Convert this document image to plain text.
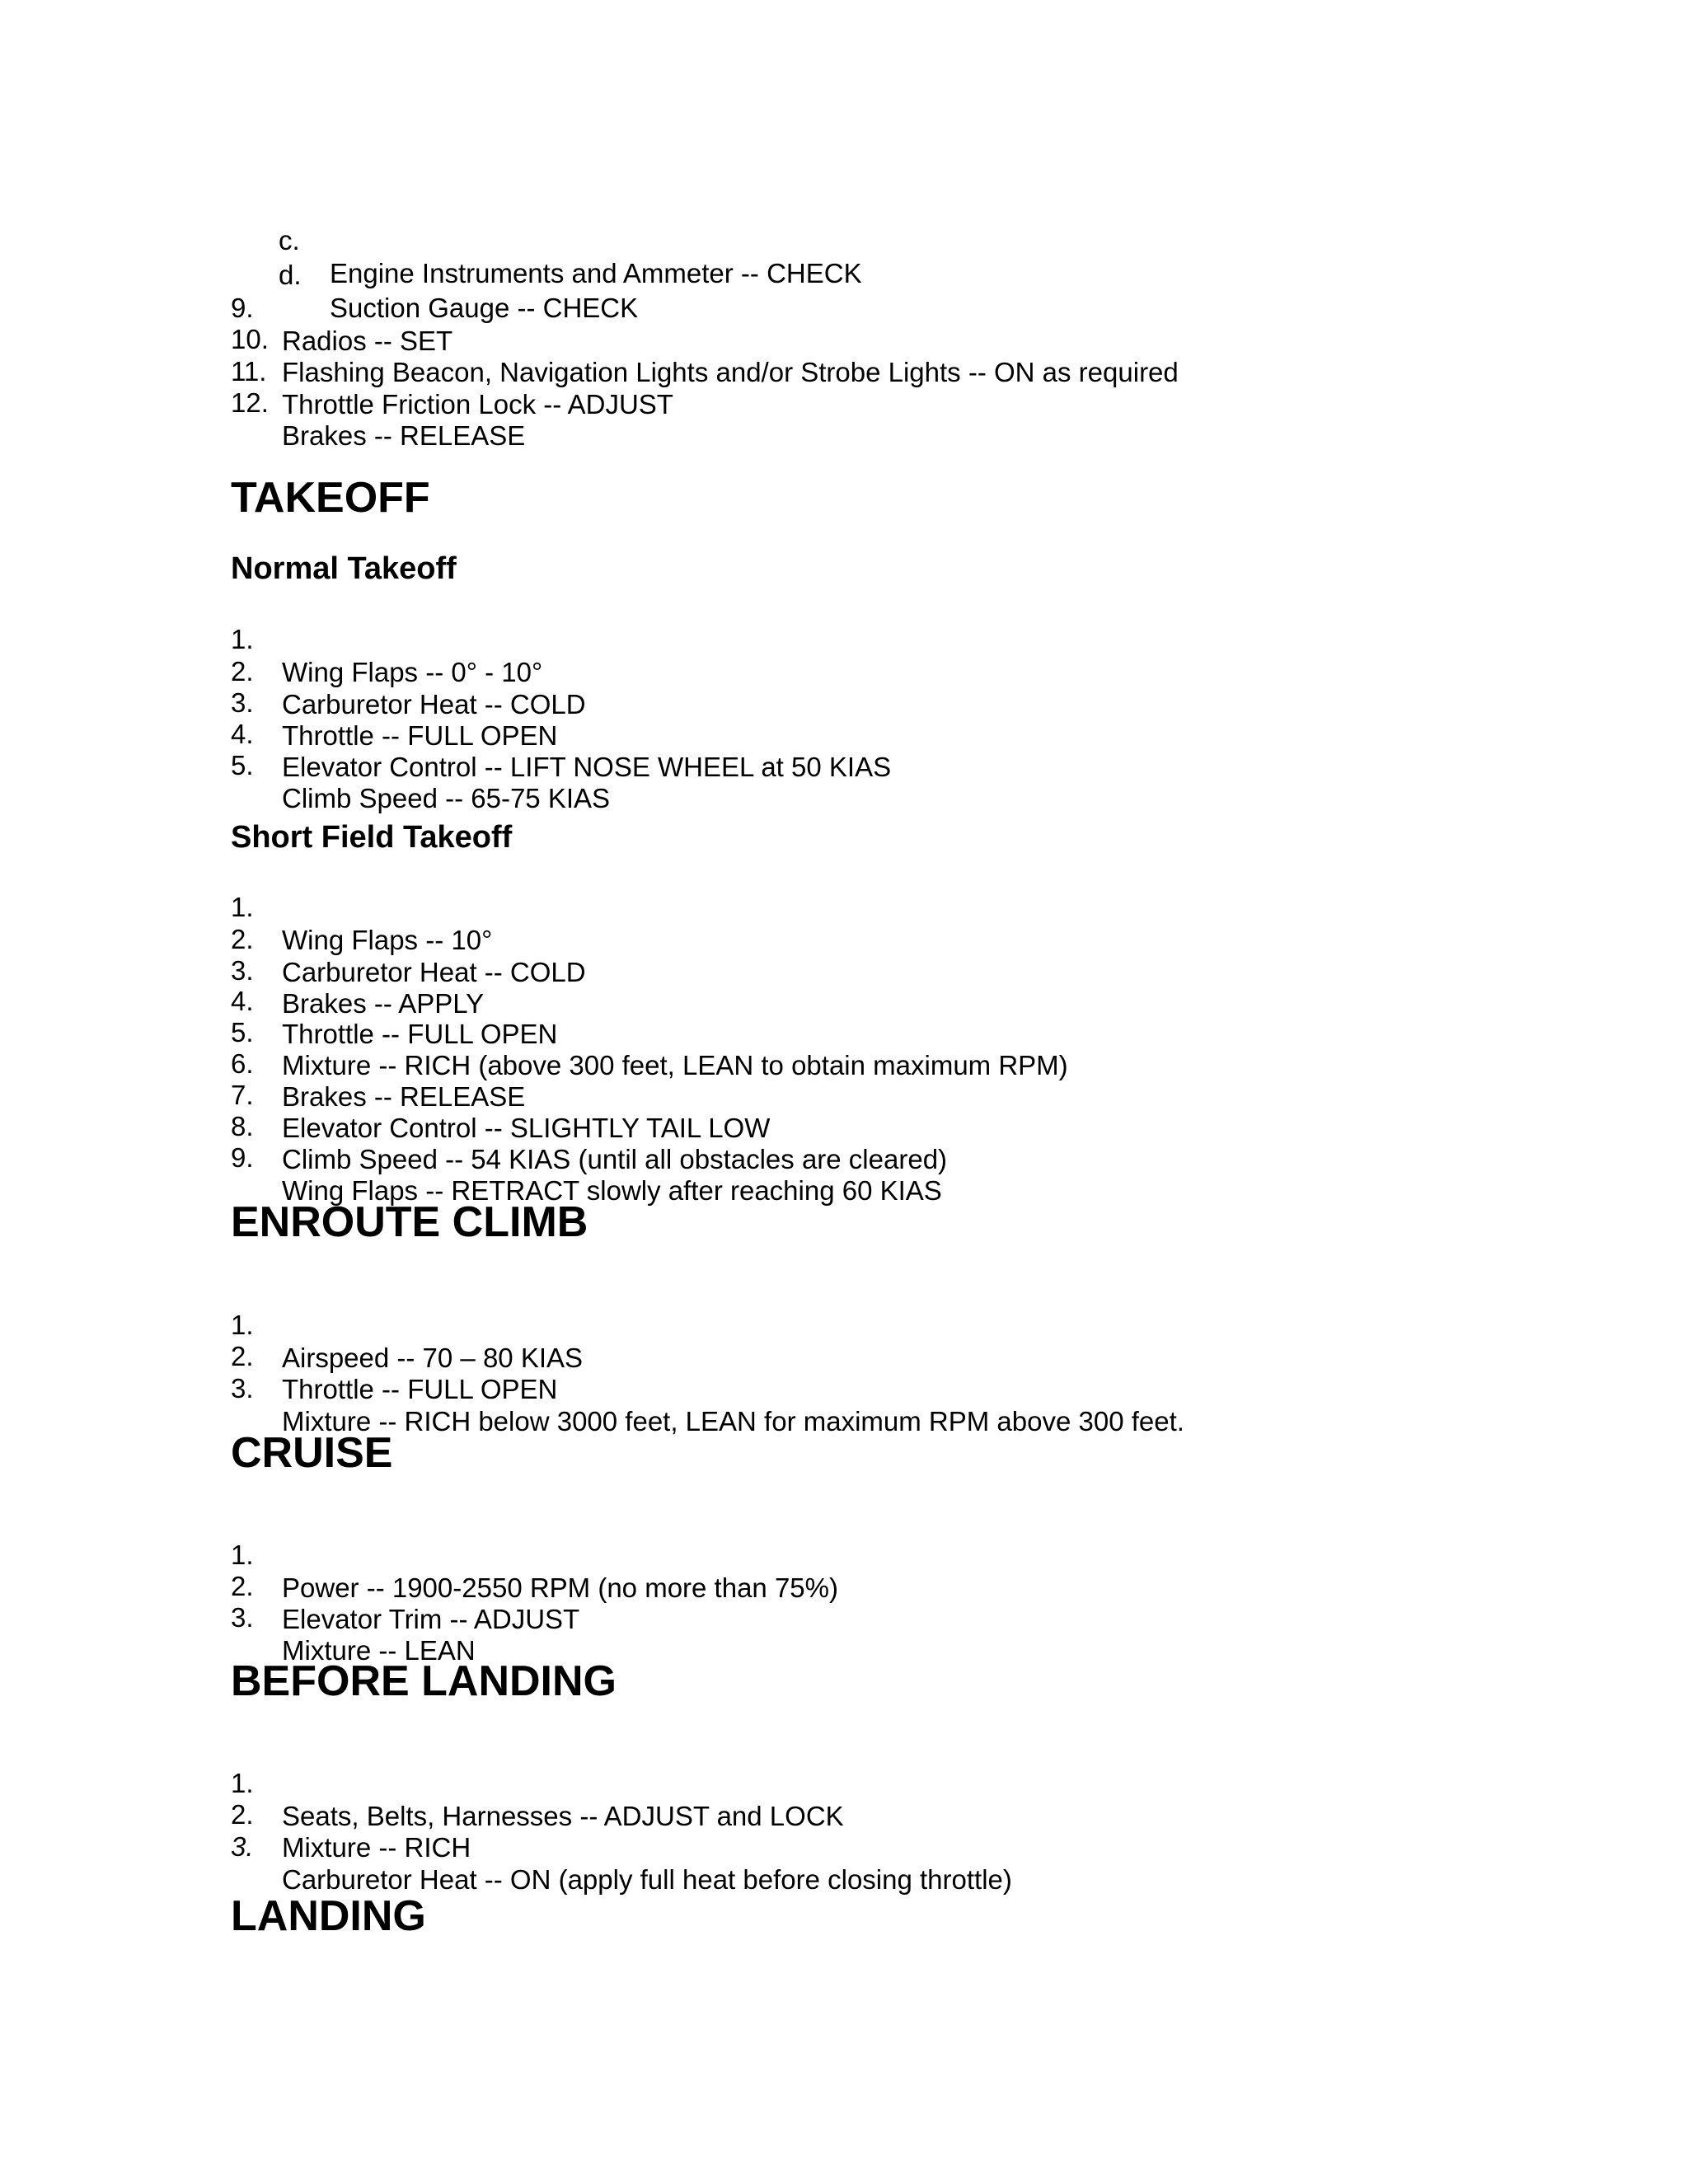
c.

Engine Instruments and Ammeter -- CHECK

d.

Suction Gauge -- CHECK

9.

Radios -- SET

10.

Flashing Beacon, Navigation Lights and/or Strobe Lights -- ON as required

11.

Throttle Friction Lock -- ADJUST

12.

Brakes -- RELEASE

TAKEOFF
Normal Takeoff

1.

Wing Flaps -- 0° - 10°

2.

Carburetor Heat -- COLD

3.

Throttle -- FULL OPEN

4.

Elevator Control -- LIFT NOSE WHEEL at 50 KIAS

5.

Climb Speed -- 65-75 KIAS

Short Field Takeoff

1.

Wing Flaps -- 10°

2.

Carburetor Heat -- COLD

3.

Brakes -- APPLY

4.

Throttle -- FULL OPEN

5.

Mixture -- RICH (above 300 feet, LEAN to obtain maximum RPM)

6.

Brakes -- RELEASE

7.

Elevator Control -- SLIGHTLY TAIL LOW

8.

Climb Speed -- 54 KIAS (until all obstacles are cleared)

9.

Wing Flaps -- RETRACT slowly after reaching 60 KIAS

ENROUTE CLIMB

1.

Airspeed -- 70 – 80 KIAS

2.

Throttle -- FULL OPEN

3.

Mixture -- RICH below 3000 feet, LEAN for maximum RPM above 300 feet.

CRUISE

1.

Power -- 1900-2550 RPM (no more than 75%)

2.

Elevator Trim -- ADJUST

3.

Mixture -- LEAN

BEFORE LANDING

1.

Seats, Belts, Harnesses -- ADJUST and LOCK

2.

Mixture -- RICH

3.

Carburetor Heat -- ON (apply full heat before closing throttle)

LANDING
